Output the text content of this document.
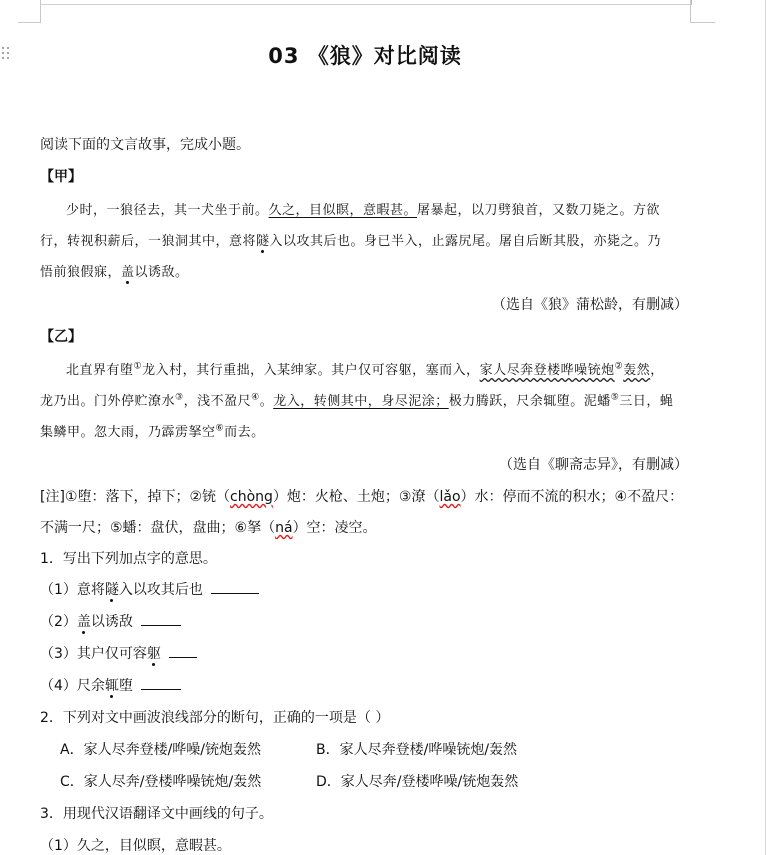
03 《狼》对比阅读
阅读下面的文言故事，完成小题。
【甲】
少时，一狼径去，其一犬坐于前。久之，目似瞑，意暇甚。屠暴起，以刀劈狼首，又数刀毙之。方欲
行，转视积薪后，一狼洞其中，意将隧入以攻其后也。身已半入，止露尻尾。屠自后断其股，亦毙之。乃
悟前狼假寐，盖以诱敌。
（选自《狼》蒲松龄，有删减）
【乙】
北直界有堕①龙入村，其行重拙，入某绅家。其户仅可容躯，塞而入，家人尽奔登楼哗噪铳炮②轰然，
龙乃出。门外停贮潦水③，浅不盈尺④。龙入，转侧其中，身尽泥涂；极力腾跃，尺余辄堕。泥蟠⑤三日，蝇
集鳞甲。忽大雨，乃霹雳拏空⑥而去。
（选自《聊斋志异》，有删减）
[注]①堕：落下，掉下；②铳（chòng）炮：火枪、土炮；③潦（lǎo）水：停而不流的积水；④不盈尺：
不满一尺；⑤蟠：盘伏，盘曲；⑥拏（ná）空：凌空。
1．写出下列加点字的意思。
（1）意将隧入以攻其后也
（2）盖以诱敌
（3）其户仅可容躯
（4）尺余辄堕
2．下列对文中画波浪线部分的断句，正确的一项是（ ）
A．家人尽奔登楼/哗噪/铳炮轰然	B．家人尽奔登楼/哗噪铳炮/轰然
C．家人尽奔/登楼哗噪铳炮/轰然	D．家人尽奔/登楼哗噪/铳炮轰然
3．用现代汉语翻译文中画线的句子。
（1）久之，目似瞑，意暇甚。
